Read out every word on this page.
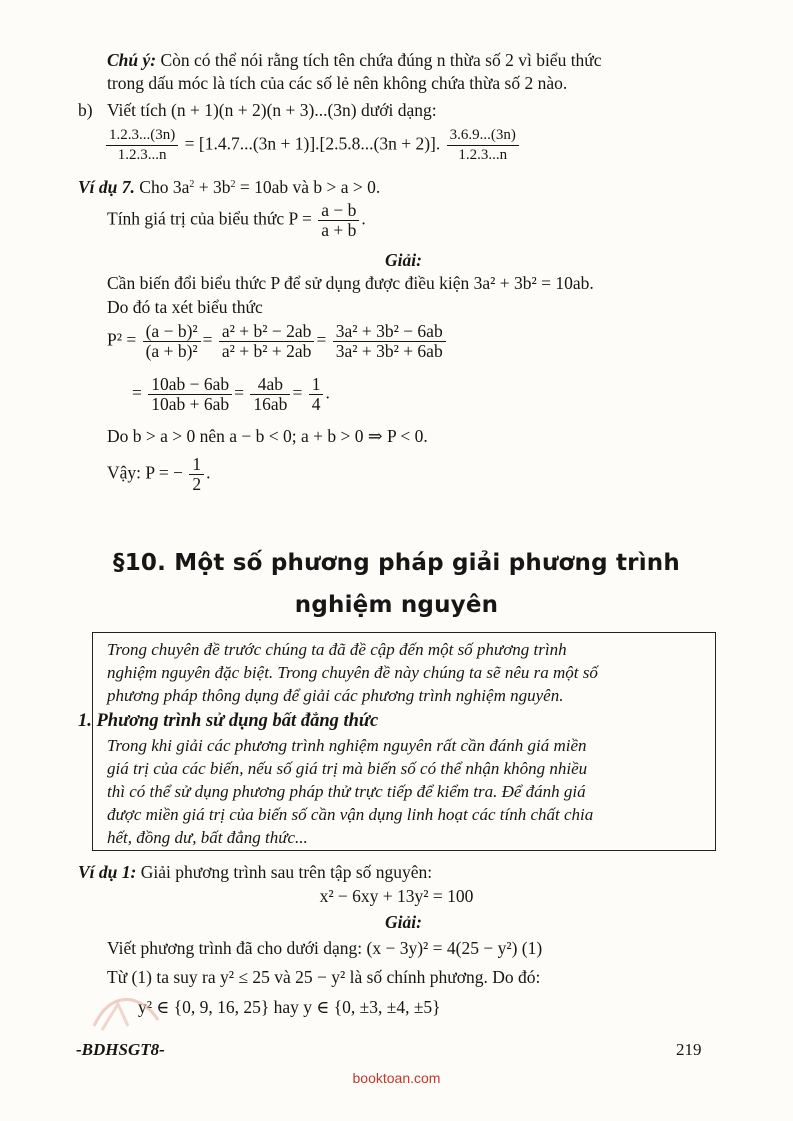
Chú ý: Còn có thể nói rằng tích tên chứa đúng n thừa số 2 vì biểu thức
trong dấu móc là tích của các số lẻ nên không chứa thừa số 2 nào.
b) Viết tích (n + 1)(n + 2)(n + 3)...(3n) dưới dạng:
$\frac{1.2.3...(3n)}{1.2.3...n} = [1.4.7...(3n + 1)].[2.5.8...(3n + 2)]$. $\frac{3.6.9...(3n)}{1.2.3...n}$
Ví dụ 7. Cho $3a^2 + 3b^2 = 10ab$ và b > a > 0.
Tính giá trị của biểu thức $P = \frac{a - b}{a + b}$ .
Giải:
Cần biến đổi biểu thức P để sử dụng được điều kiện 3a² + 3b² = 10ab.
Do đó ta xét biểu thức
$P^2 = \frac{\text{(a − b)²}}{\text{(a + b)²}} = \frac{\text{a² + b² − 2ab}}{\text{a² + b² + 2ab}} = \frac{\text{3a² + 3b² − 6ab}}{\text{3a² + 3b² + 6ab}}$
= $\frac{10ab - 6ab}{10ab + 6ab} = \frac{4ab}{16ab} = \frac{1}{4}$ .
Do b > a > 0 nên a − b < 0; a + b > 0 ⇒ P < 0.
Vậy: P = − $\frac{1}{2}$ .
§10. Một số phương pháp giải phương trình
nghiệm nguyên
Trong chuyên đề trước chúng ta đã đề cập đến một số phương trình
nghiệm nguyên đặc biệt. Trong chuyên đề này chúng ta sẽ nêu ra một số
phương pháp thông dụng để giải các phương trình nghiệm nguyên.
1. Phương trình sử dụng bất đẳng thức
Trong khi giải các phương trình nghiệm nguyên rất cần đánh giá miền
giá trị của các biến, nếu số giá trị mà biến số có thể nhận không nhiều
thì có thể sử dụng phương pháp thử trực tiếp để kiểm tra. Để đánh giá
được miền giá trị của biến số cần vận dụng linh hoạt các tính chất chia
hết, đồng dư, bất đẳng thức...
Ví dụ 1: Giải phương trình sau trên tập số nguyên:
x² − 6xy + 13y² = 100
Giải:
Viết phương trình đã cho dưới dạng: (x − 3y)² = 4(25 − y²) (1)
Từ (1) ta suy ra y² ≤ 25 và 25 − y² là số chính phương. Do đó:
y² ∈ {0, 9, 16, 25} hay y ∈ {0, ±3, ±4, ±5}
-BDHSGT8-	219
booktoan.com
